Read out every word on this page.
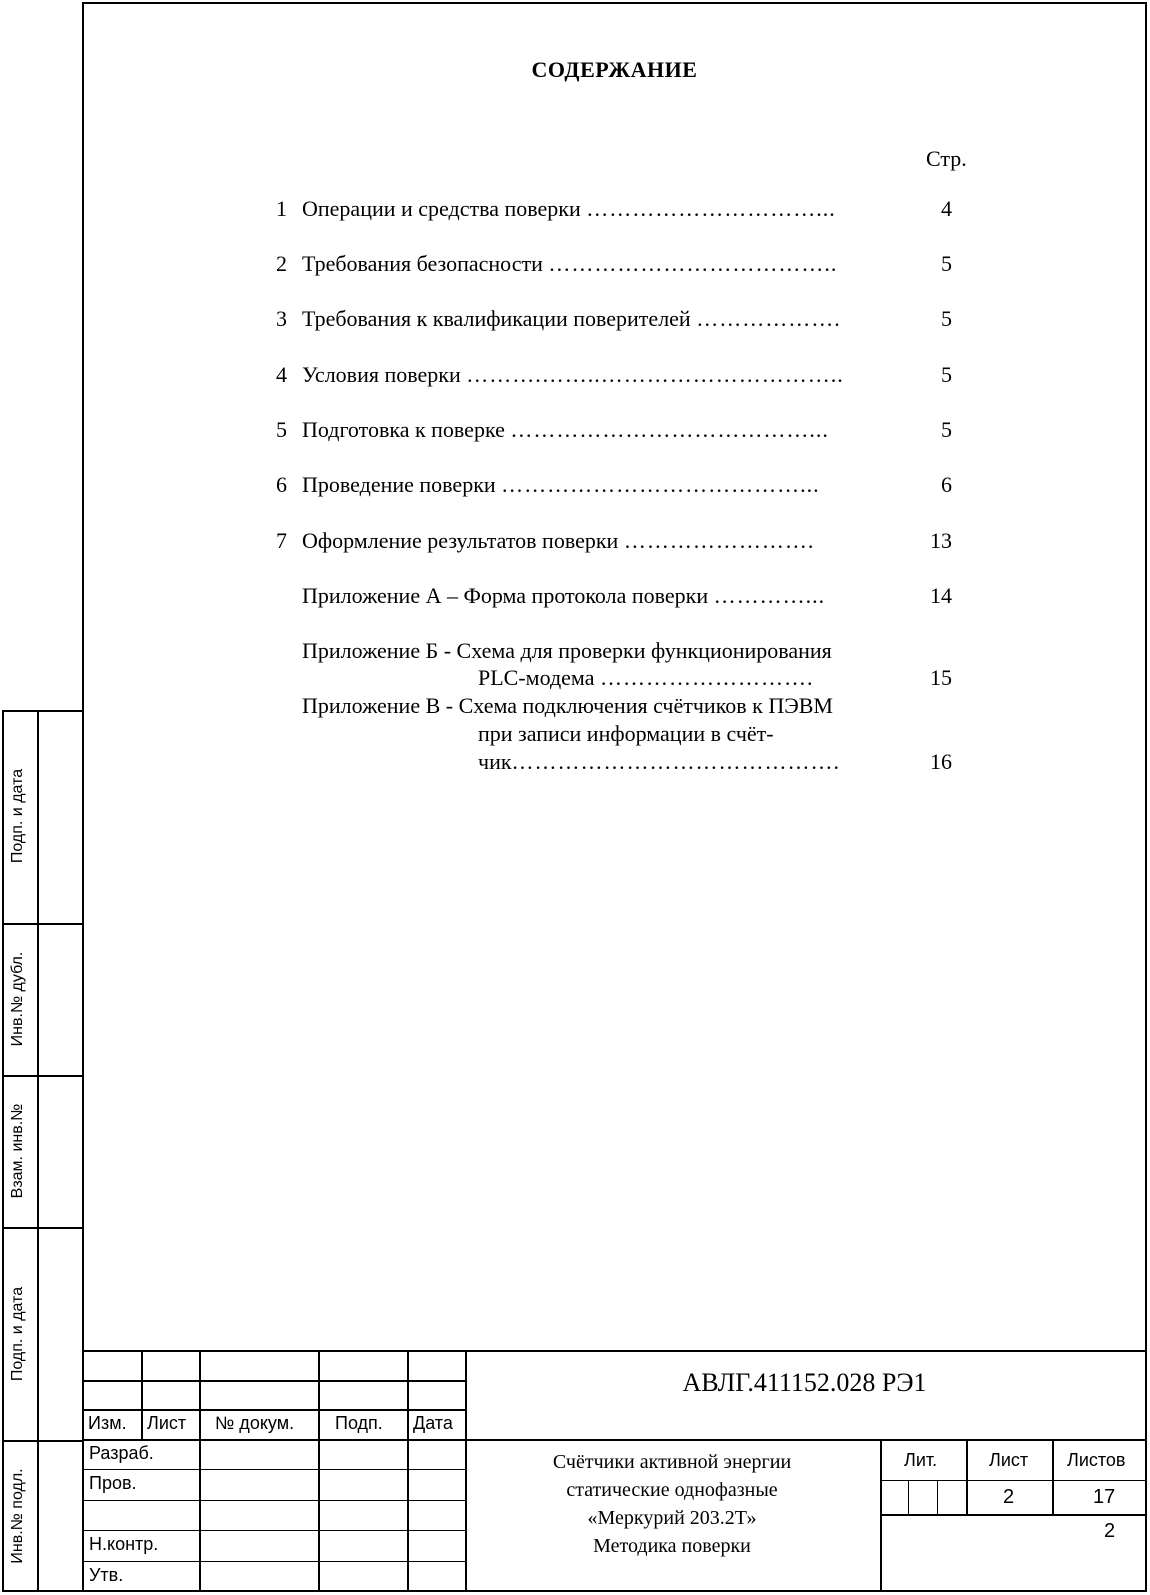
СОДЕРЖАНИЕ
Стр.
1 Операции и средства поверки …………………………...	4
2 Требования безопасности ………………………………..	5
3 Требования к квалификации поверителей ……………….	5
4 Условия поверки ……….……..…………………………..	5
5 Подготовка к поверке …………………………………...	5
6 Проведение поверки …………………………………...	6
7 Оформление результатов поверки …………………….	13
Приложение А – Форма протокола поверки …………...	14
Приложение Б - Схема для проверки функционирования
PLC-модема ……………………….	15
Приложение В - Схема подключения счётчиков к ПЭВМ
при записи информации в счёт-
чик…………………………………….	16
Подп. и дата
Инв.№ дубл.
Взам. инв.№
Подп. и дата
Инв.№ подл.
Изм. Лист № докум. Подп. Дата
Разраб.
Пров.
Н.контр.
Утв.
АВЛГ.411152.028 РЭ1
Счётчики активной энергии
статические однофазные
«Меркурий 203.2Т»
Методика поверки
Лит.	Лист Листов
2	17
2
